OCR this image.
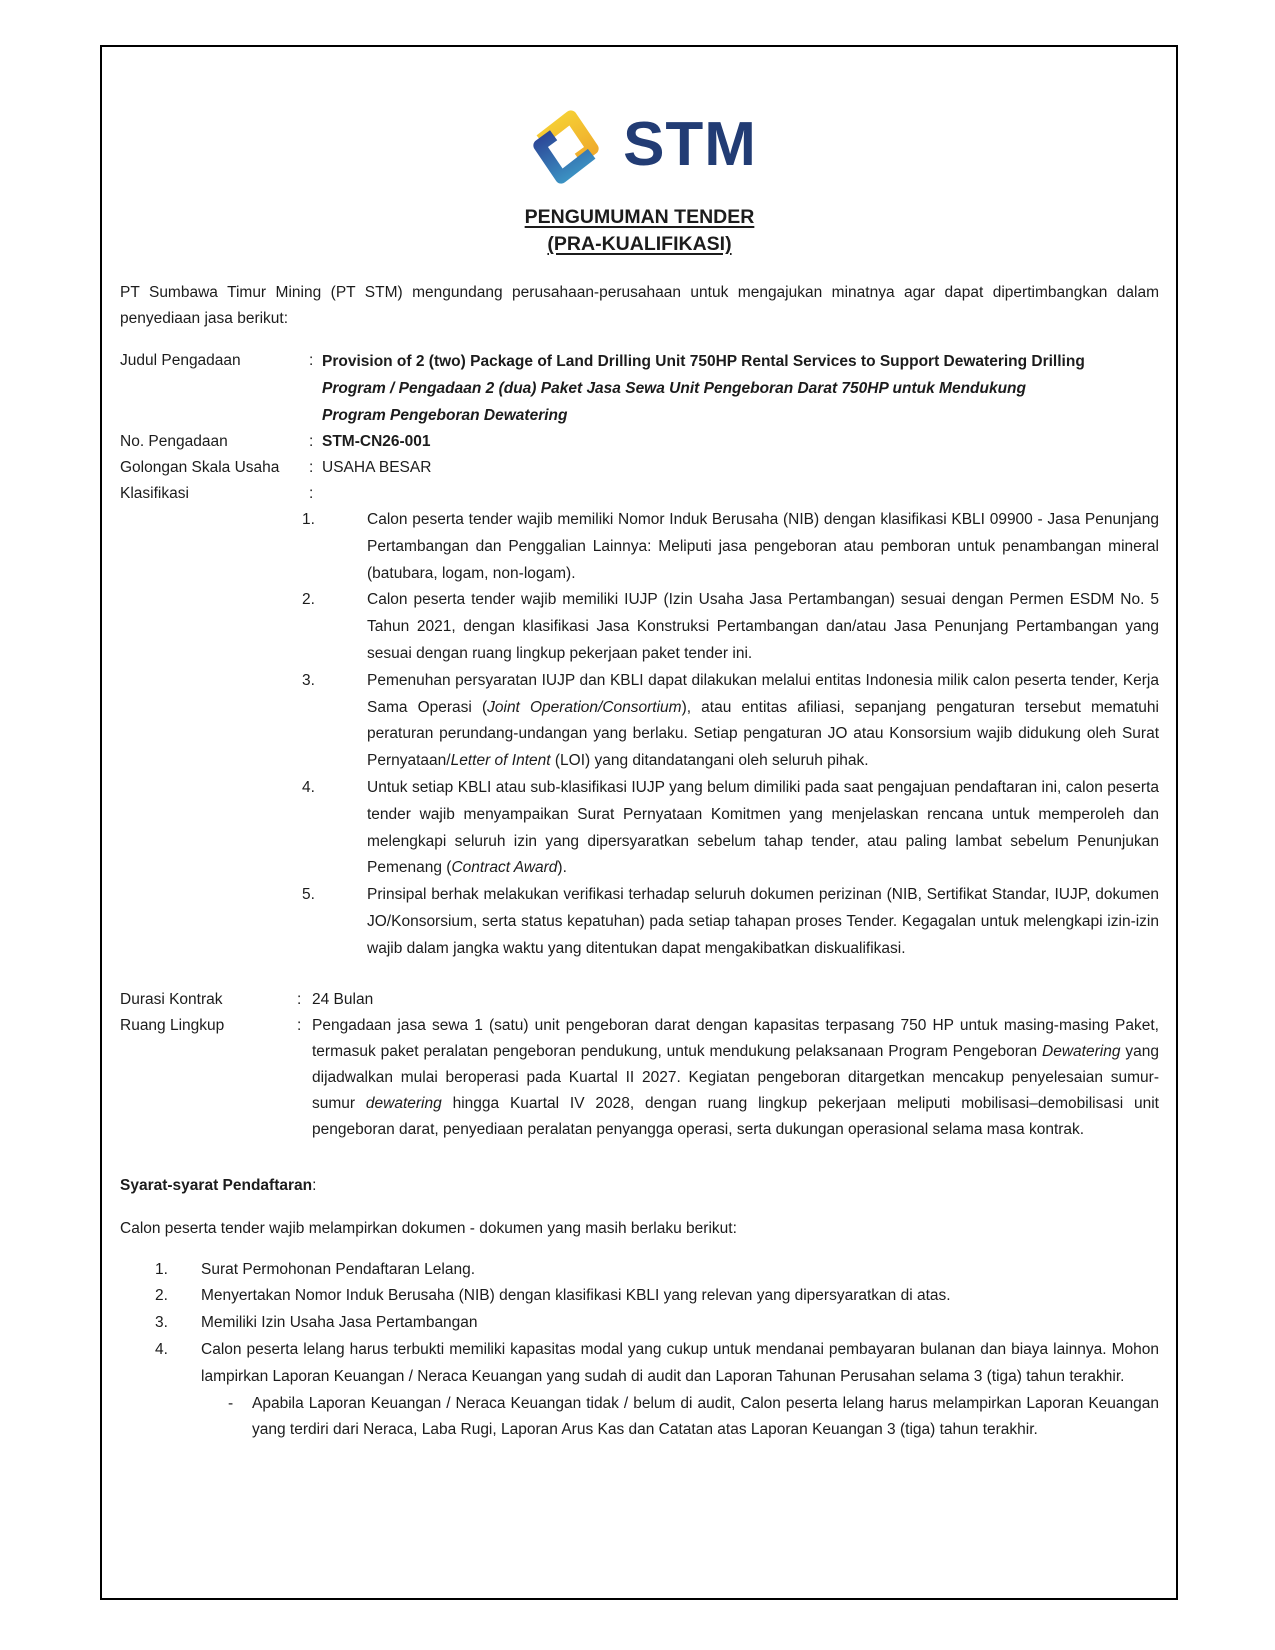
STM
PENGUMUMAN TENDER
(PRA-KUALIFIKASI)

PT Sumbawa Timur Mining (PT STM) mengundang perusahaan-perusahaan untuk mengajukan minatnya agar dapat dipertimbangkan dalam penyediaan jasa berikut:

Judul Pengadaan	: Provision of 2 (two) Package of Land Drilling Unit 750HP Rental Services to Support Dewatering Drilling Program / Pengadaan 2 (dua) Paket Jasa Sewa Unit Pengeboran Darat 750HP untuk Mendukung Program Pengeboran Dewatering
No. Pengadaan	: STM-CN26-001
Golongan Skala Usaha	: USAHA BESAR
Klasifikasi	:
1.	Calon peserta tender wajib memiliki Nomor Induk Berusaha (NIB) dengan klasifikasi KBLI 09900 - Jasa Penunjang Pertambangan dan Penggalian Lainnya: Meliputi jasa pengeboran atau pemboran untuk penambangan mineral (batubara, logam, non-logam).
2.	Calon peserta tender wajib memiliki IUJP (Izin Usaha Jasa Pertambangan) sesuai dengan Permen ESDM No. 5 Tahun 2021, dengan klasifikasi Jasa Konstruksi Pertambangan dan/atau Jasa Penunjang Pertambangan yang sesuai dengan ruang lingkup pekerjaan paket tender ini.
3.	Pemenuhan persyaratan IUJP dan KBLI dapat dilakukan melalui entitas Indonesia milik calon peserta tender, Kerja Sama Operasi (Joint Operation/Consortium), atau entitas afiliasi, sepanjang pengaturan tersebut mematuhi peraturan perundang-undangan yang berlaku. Setiap pengaturan JO atau Konsorsium wajib didukung oleh Surat Pernyataan/Letter of Intent (LOI) yang ditandatangani oleh seluruh pihak.
4.	Untuk setiap KBLI atau sub-klasifikasi IUJP yang belum dimiliki pada saat pengajuan pendaftaran ini, calon peserta tender wajib menyampaikan Surat Pernyataan Komitmen yang menjelaskan rencana untuk memperoleh dan melengkapi seluruh izin yang dipersyaratkan sebelum tahap tender, atau paling lambat sebelum Penunjukan Pemenang (Contract Award).
5.	Prinsipal berhak melakukan verifikasi terhadap seluruh dokumen perizinan (NIB, Sertifikat Standar, IUJP, dokumen JO/Konsorsium, serta status kepatuhan) pada setiap tahapan proses Tender. Kegagalan untuk melengkapi izin-izin wajib dalam jangka waktu yang ditentukan dapat mengakibatkan diskualifikasi.
Durasi Kontrak	: 24 Bulan
Ruang Lingkup	: Pengadaan jasa sewa 1 (satu) unit pengeboran darat dengan kapasitas terpasang 750 HP untuk masing-masing Paket, termasuk paket peralatan pengeboran pendukung, untuk mendukung pelaksanaan Program Pengeboran Dewatering yang dijadwalkan mulai beroperasi pada Kuartal II 2027. Kegiatan pengeboran ditargetkan mencakup penyelesaian sumur-sumur dewatering hingga Kuartal IV 2028, dengan ruang lingkup pekerjaan meliputi mobilisasi–demobilisasi unit pengeboran darat, penyediaan peralatan penyangga operasi, serta dukungan operasional selama masa kontrak.
Syarat-syarat Pendaftaran:

Calon peserta tender wajib melampirkan dokumen - dokumen yang masih berlaku berikut:

1.	Surat Permohonan Pendaftaran Lelang.
2.	Menyertakan Nomor Induk Berusaha (NIB) dengan klasifikasi KBLI yang relevan yang dipersyaratkan di atas.
3.	Memiliki Izin Usaha Jasa Pertambangan
4.	Calon peserta lelang harus terbukti memiliki kapasitas modal yang cukup untuk mendanai pembayaran bulanan dan biaya lainnya. Mohon lampirkan Laporan Keuangan / Neraca Keuangan yang sudah di audit dan Laporan Tahunan Perusahan selama 3 (tiga) tahun terakhir.
-	Apabila Laporan Keuangan / Neraca Keuangan tidak / belum di audit, Calon peserta lelang harus melampirkan Laporan Keuangan yang terdiri dari Neraca, Laba Rugi, Laporan Arus Kas dan Catatan atas Laporan Keuangan 3 (tiga) tahun terakhir.
